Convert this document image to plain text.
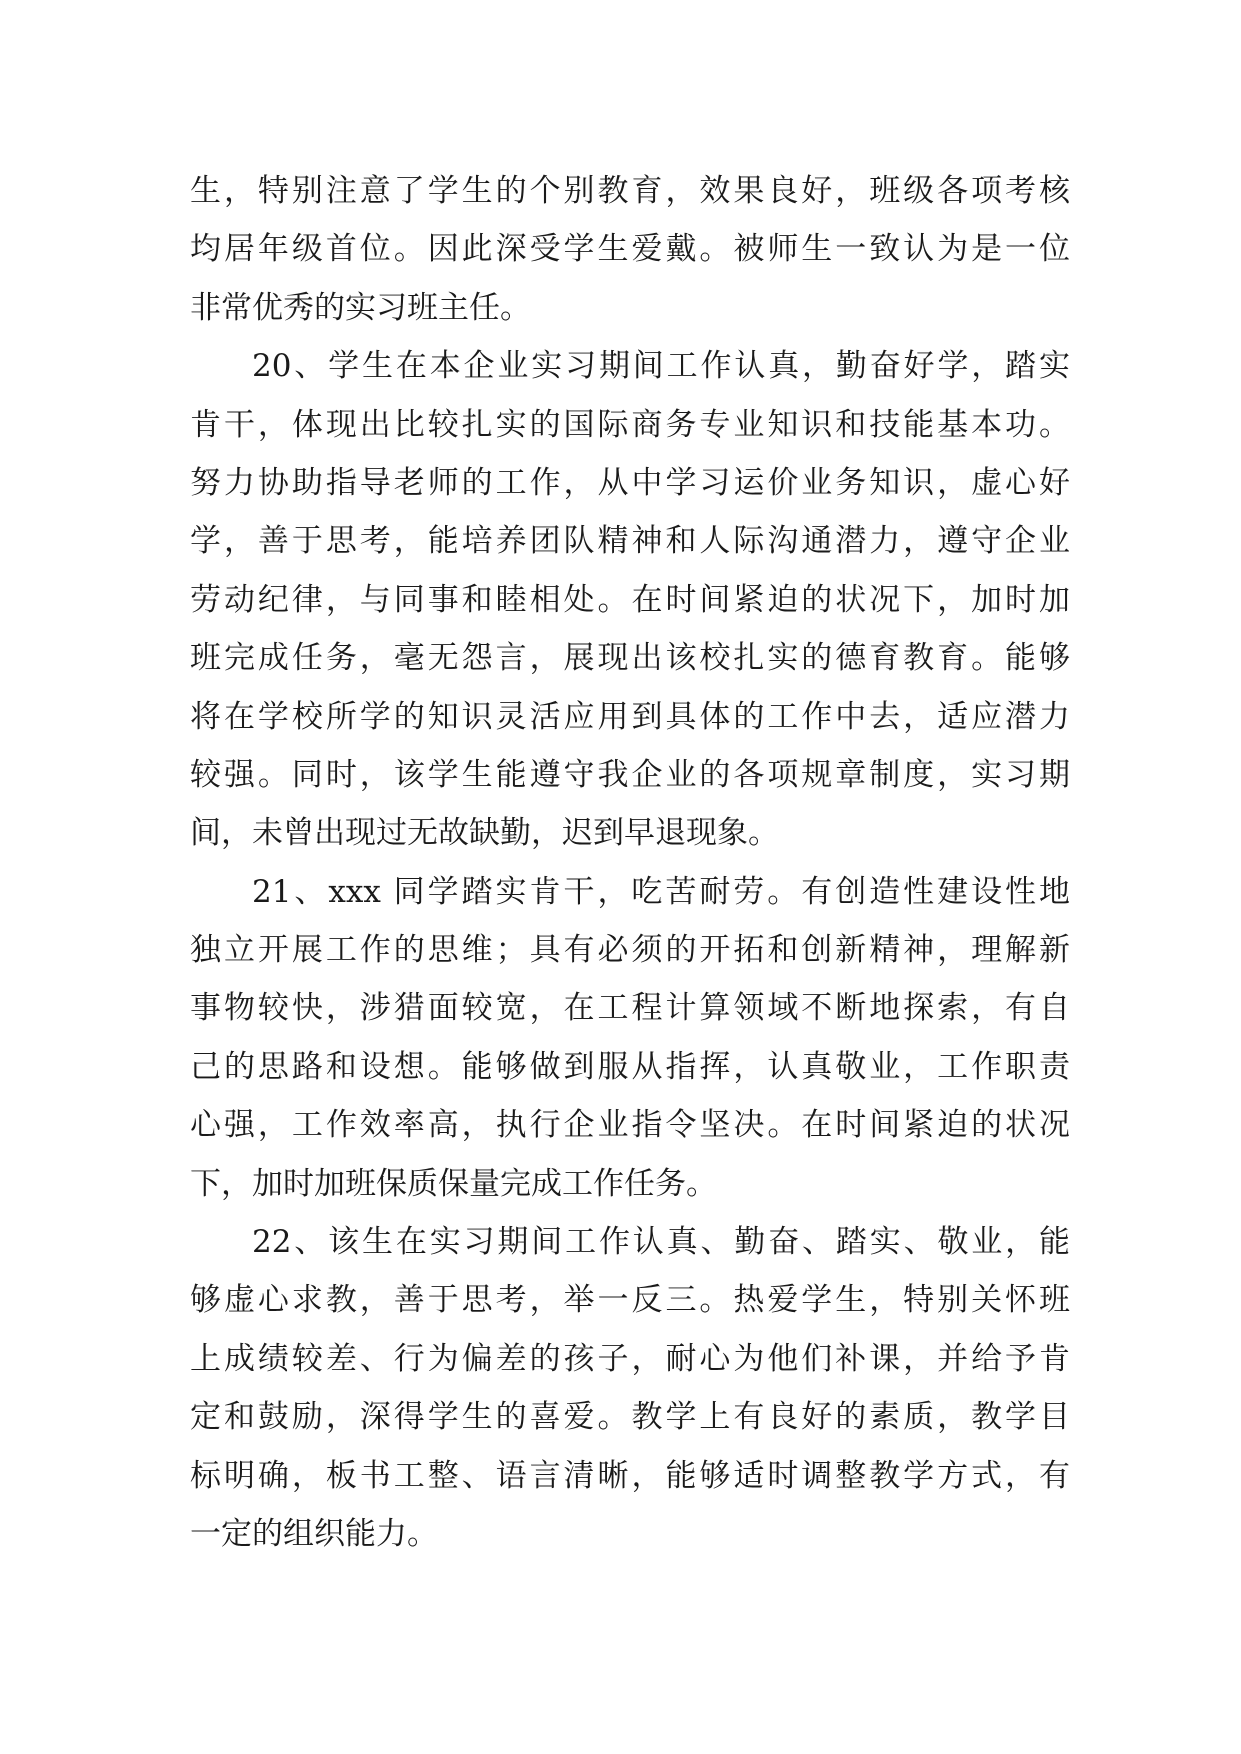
生，特别注意了学生的个别教育，效果良好，班级各项考核
均居年级首位。因此深受学生爱戴。被师生一致认为是一位
非常优秀的实习班主任。
20、学生在本企业实习期间工作认真，勤奋好学，踏实
肯干，体现出比较扎实的国际商务专业知识和技能基本功。
努力协助指导老师的工作，从中学习运价业务知识，虚心好
学，善于思考，能培养团队精神和人际沟通潜力，遵守企业
劳动纪律，与同事和睦相处。在时间紧迫的状况下，加时加
班完成任务，毫无怨言，展现出该校扎实的德育教育。能够
将在学校所学的知识灵活应用到具体的工作中去，适应潜力
较强。同时，该学生能遵守我企业的各项规章制度，实习期
间，未曾出现过无故缺勤，迟到早退现象。
21、xxx 同学踏实肯干，吃苦耐劳。有创造性建设性地
独立开展工作的思维；具有必须的开拓和创新精神，理解新
事物较快，涉猎面较宽，在工程计算领域不断地探索，有自
己的思路和设想。能够做到服从指挥，认真敬业，工作职责
心强，工作效率高，执行企业指令坚决。在时间紧迫的状况
下，加时加班保质保量完成工作任务。
22、该生在实习期间工作认真、勤奋、踏实、敬业，能
够虚心求教，善于思考，举一反三。热爱学生，特别关怀班
上成绩较差、行为偏差的孩子，耐心为他们补课，并给予肯
定和鼓励，深得学生的喜爱。教学上有良好的素质，教学目
标明确，板书工整、语言清晰，能够适时调整教学方式，有
一定的组织能力。
